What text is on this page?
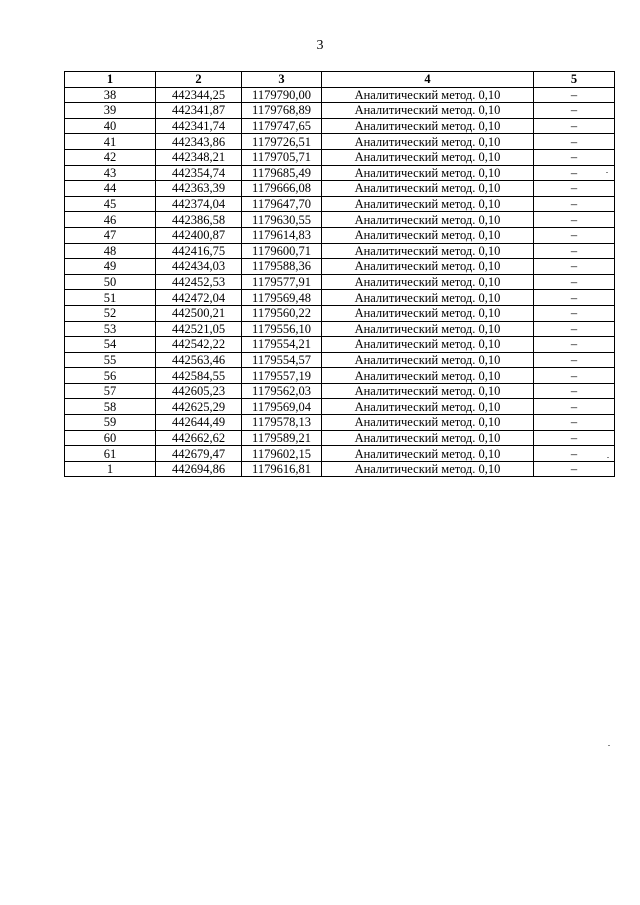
3
1	2	3	4	5
38	442344,25	1179790,00	Аналитический метод. 0,10	–
39	442341,87	1179768,89	Аналитический метод. 0,10	–
40	442341,74	1179747,65	Аналитический метод. 0,10	–
41	442343,86	1179726,51	Аналитический метод. 0,10	–
42	442348,21	1179705,71	Аналитический метод. 0,10	–
43	442354,74	1179685,49	Аналитический метод. 0,10	–
44	442363,39	1179666,08	Аналитический метод. 0,10	–
45	442374,04	1179647,70	Аналитический метод. 0,10	–
46	442386,58	1179630,55	Аналитический метод. 0,10	–
47	442400,87	1179614,83	Аналитический метод. 0,10	–
48	442416,75	1179600,71	Аналитический метод. 0,10	–
49	442434,03	1179588,36	Аналитический метод. 0,10	–
50	442452,53	1179577,91	Аналитический метод. 0,10	–
51	442472,04	1179569,48	Аналитический метод. 0,10	–
52	442500,21	1179560,22	Аналитический метод. 0,10	–
53	442521,05	1179556,10	Аналитический метод. 0,10	–
54	442542,22	1179554,21	Аналитический метод. 0,10	–
55	442563,46	1179554,57	Аналитический метод. 0,10	–
56	442584,55	1179557,19	Аналитический метод. 0,10	–
57	442605,23	1179562,03	Аналитический метод. 0,10	–
58	442625,29	1179569,04	Аналитический метод. 0,10	–
59	442644,49	1179578,13	Аналитический метод. 0,10	–
60	442662,62	1179589,21	Аналитический метод. 0,10	–
61	442679,47	1179602,15	Аналитический метод. 0,10	–
1	442694,86	1179616,81	Аналитический метод. 0,10	–
